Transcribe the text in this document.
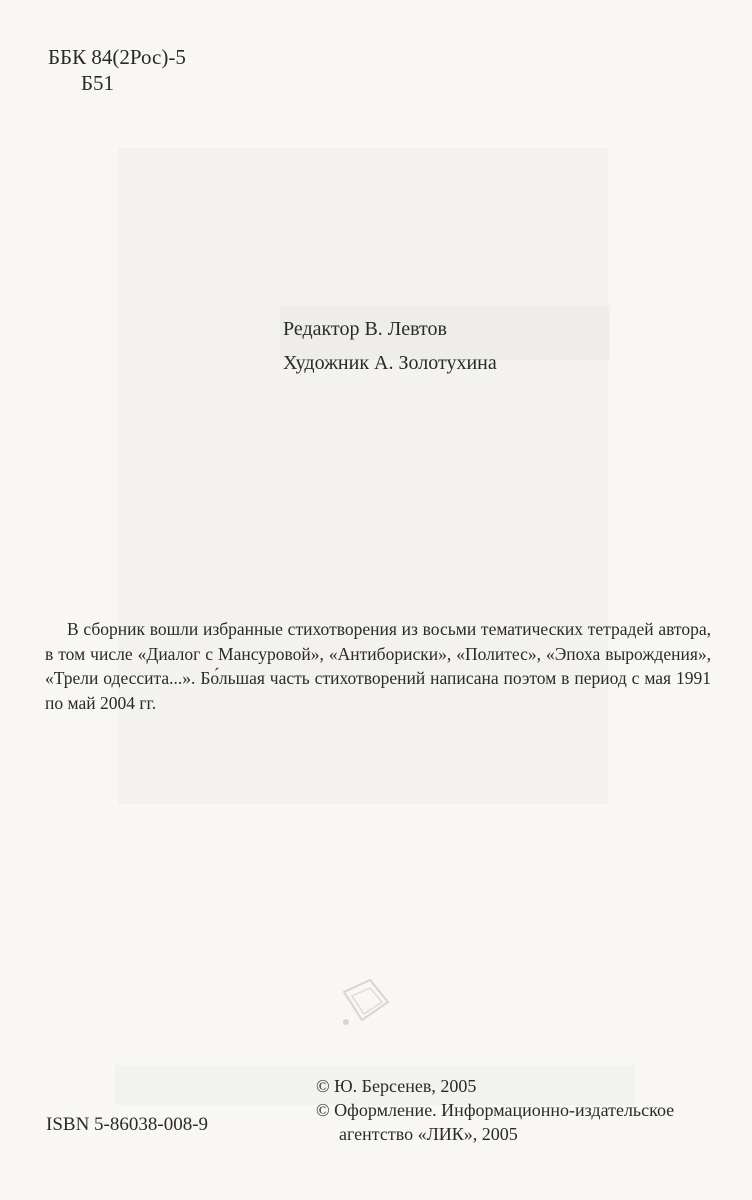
ББК 84(2Рос)-5
Б51
Редактор В. Левтов
Художник А. Золотухина
В сборник вошли избранные стихотворения из восьми тематических тетрадей автора, в том числе «Диалог с Мансуровой», «Антибориски», «Политес», «Эпоха вырождения», «Трели одессита...». Бо́льшая часть стихотворений написана поэтом в период с мая 1991 по май 2004 гг.
ISBN 5-86038-008-9
© Ю. Берсенев, 2005
© Оформление. Информационно-издательское
агентство «ЛИК», 2005
